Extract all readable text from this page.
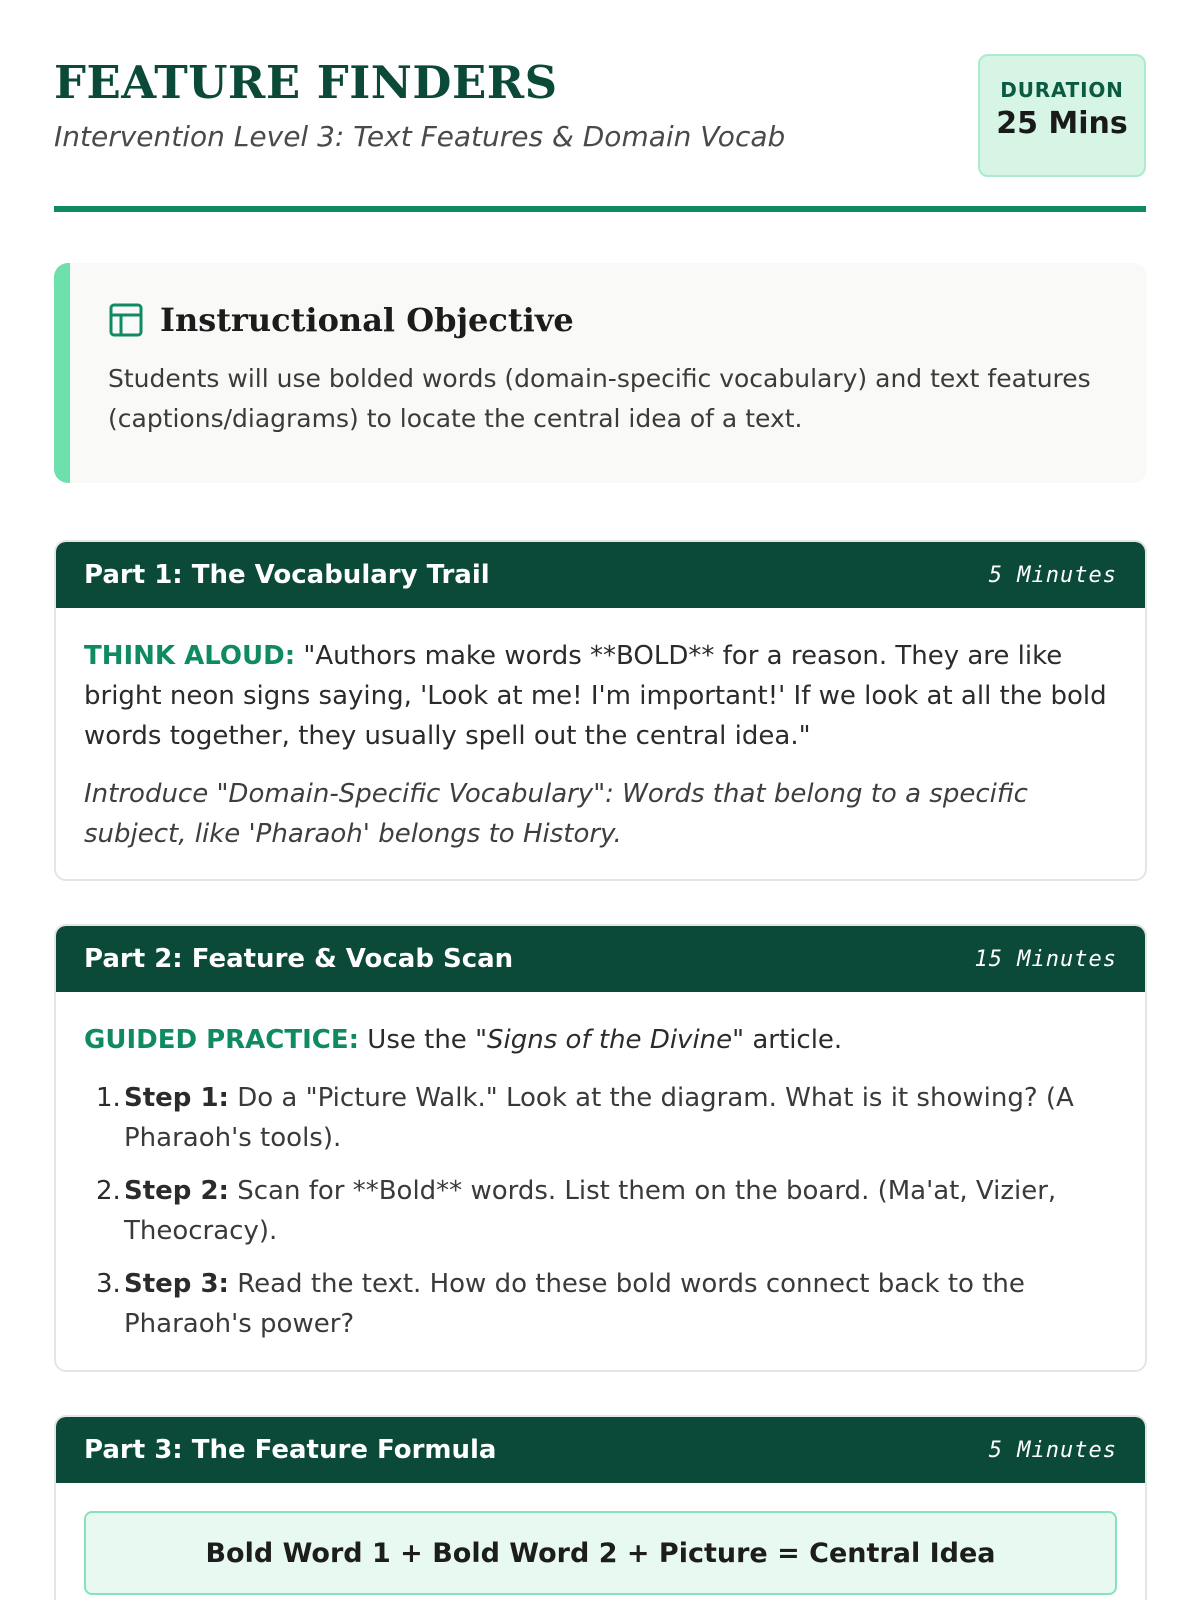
FEATURE FINDERS
Intervention Level 3: Text Features & Domain Vocab
DURATION
25 Mins
Instructional Objective
Students will use bolded words (domain-specific vocabulary) and text features (captions/diagrams) to locate the central idea of a text.
Part 1: The Vocabulary Trail	5 Minutes

THINK ALOUD: "Authors make words **BOLD** for a reason. They are like bright neon signs saying, 'Look at me! I'm important!' If we look at all the bold words together, they usually spell out the central idea."

Introduce "Domain-Specific Vocabulary": Words that belong to a specific subject, like 'Pharaoh' belongs to History.

Part 2: Feature & Vocab Scan	15 Minutes

GUIDED PRACTICE: Use the "Signs of the Divine" article.

1. Step 1: Do a "Picture Walk." Look at the diagram. What is it showing? (A Pharaoh's tools).
2. Step 2: Scan for **Bold** words. List them on the board. (Ma'at, Vizier, Theocracy).
3. Step 3: Read the text. How do these bold words connect back to the Pharaoh's power?
Part 3: The Feature Formula	5 Minutes
Bold Word 1 + Bold Word 2 + Picture = Central Idea
